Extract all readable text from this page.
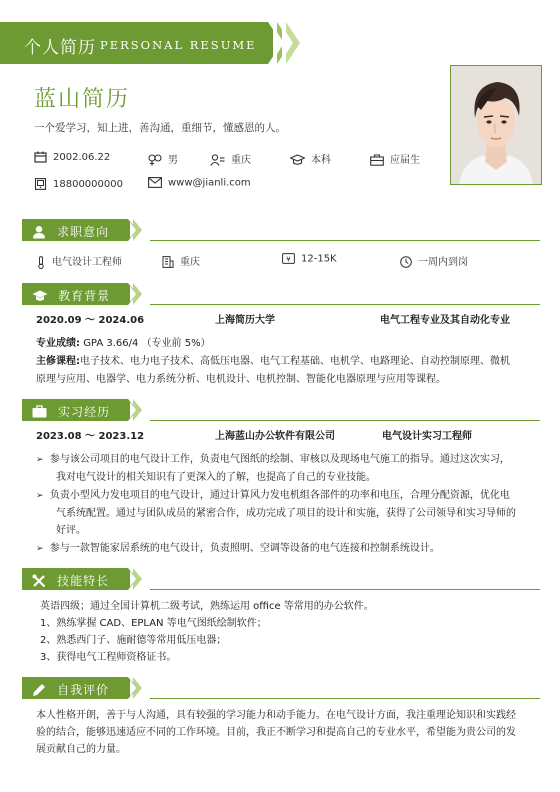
个人简历 PERSONAL RESUME
蓝山简历
一个爱学习，知上进，善沟通，重细节，懂感恩的人。
2002.06.22	男	重庆	本科	应届生
18800000000	www@jianli.com
求职意向
电气设计工程师	重庆	¥ 12-15K	一周内到岗
教育背景
2020.09 ～ 2024.06	上海简历大学	电气工程专业及其自动化专业
专业成绩: GPA 3.66/4 （专业前 5%）
主修课程:电子技术、电力电子技术、高低压电器、电气工程基础、电机学、电路理论、自动控制原理、微机
原理与应用、电器学、电力系统分析、电机设计、电机控制、智能化电器原理与应用等课程。
实习经历
2023.08 ～ 2023.12	上海蓝山办公软件有限公司	电气设计实习工程师
➢ 参与该公司项目的电气设计工作，负责电气图纸的绘制、审核以及现场电气施工的指导。通过这次实习，
我对电气设计的相关知识有了更深入的了解，也提高了自己的专业技能。
➢ 负责小型风力发电项目的电气设计，通过计算风力发电机组各部件的功率和电压，合理分配资源，优化电
气系统配置。通过与团队成员的紧密合作，成功完成了项目的设计和实施，获得了公司领导和实习导师的
好评。
➢ 参与一款智能家居系统的电气设计，负责照明、空调等设备的电气连接和控制系统设计。
技能特长
英语四级；通过全国计算机二级考试，熟练运用 office 等常用的办公软件。
1、熟练掌握 CAD、EPLAN 等电气图纸绘制软件；
2、熟悉西门子、施耐德等常用低压电器；
3、获得电气工程师资格证书。
自我评价
本人性格开朗，善于与人沟通，具有较强的学习能力和动手能力。在电气设计方面，我注重理论知识和实践经
验的结合，能够迅速适应不同的工作环境。目前，我正不断学习和提高自己的专业水平，希望能为贵公司的发
展贡献自己的力量。
